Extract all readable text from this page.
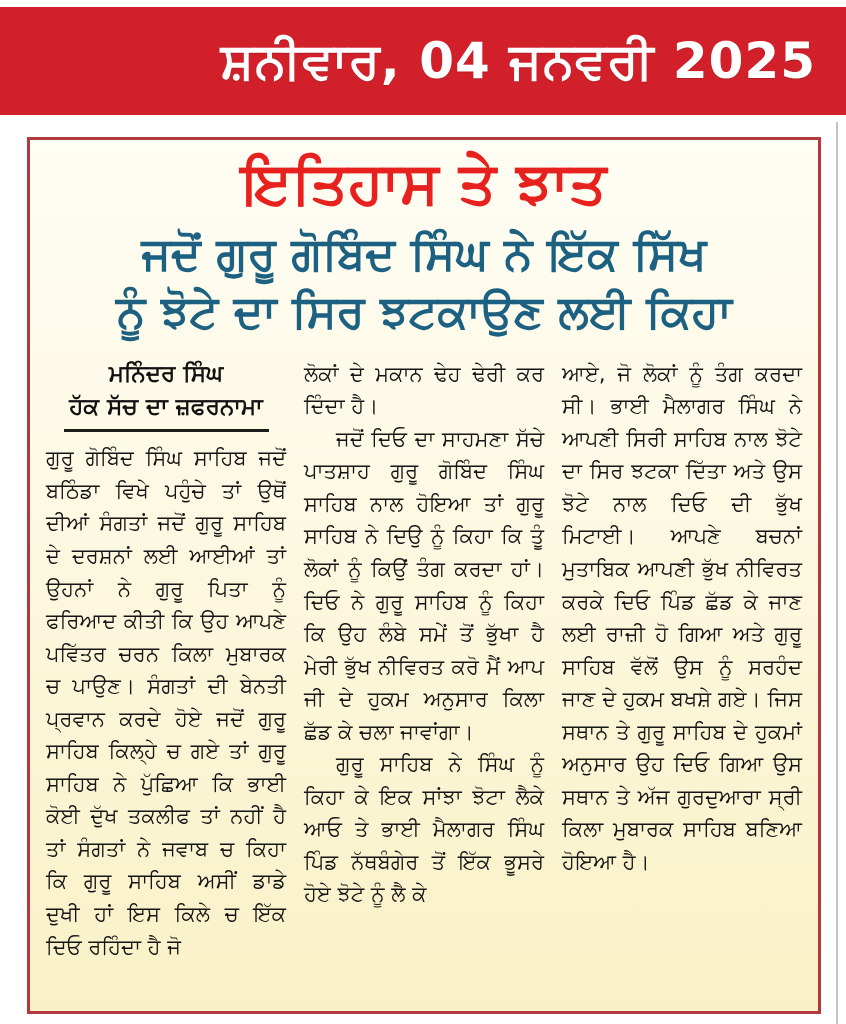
ਸ਼ਨੀਵਾਰ, 04 ਜਨਵਰੀ 2025
ਇਤਿਹਾਸ ਤੇ ਝਾਤ
ਜਦੋਂ ਗੁਰੂ ਗੋਬਿੰਦ ਸਿੰਘ ਨੇ ਇੱਕ ਸਿੱਖ
ਨੂੰ ਝੋਟੇ ਦਾ ਸਿਰ ਝਟਕਾਉਣ ਲਈ ਕਿਹਾ
ਮਨਿੰਦਰ ਸਿੰਘ
ਹੱਕ ਸੱਚ ਦਾ ਜ਼ਫਰਨਾਮਾ

ਗੁਰੂ ਗੋਬਿੰਦ ਸਿੰਘ ਸਾਹਿਬ ਜਦੋਂ ਬਠਿੰਡਾ ਵਿਖੇ ਪਹੁੰਚੇ ਤਾਂ ਉਥੋਂ ਦੀਆਂ ਸੰਗਤਾਂ ਜਦੋਂ ਗੁਰੂ ਸਾਹਿਬ ਦੇ ਦਰਸ਼ਨਾਂ ਲਈ ਆਈਆਂ ਤਾਂ ਉਹਨਾਂ ਨੇ ਗੁਰੂ ਪਿਤਾ ਨੂੰ ਫਰਿਆਦ ਕੀਤੀ ਕਿ ਉਹ ਆਪਣੇ ਪਵਿੱਤਰ ਚਰਨ ਕਿਲਾ ਮੁਬਾਰਕ ਚ ਪਾਉਣ। ਸੰਗਤਾਂ ਦੀ ਬੇਨਤੀ ਪ੍ਰਵਾਨ ਕਰਦੇ ਹੋਏ ਜਦੋਂ ਗੁਰੂ ਸਾਹਿਬ ਕਿਲ੍ਹੇ ਚ ਗਏ ਤਾਂ ਗੁਰੂ ਸਾਹਿਬ ਨੇ ਪੁੱਛਿਆ ਕਿ ਭਾਈ ਕੋਈ ਦੁੱਖ ਤਕਲੀਫ ਤਾਂ ਨਹੀਂ ਹੈ ਤਾਂ ਸੰਗਤਾਂ ਨੇ ਜਵਾਬ ਚ ਕਿਹਾ ਕਿ ਗੁਰੂ ਸਾਹਿਬ ਅਸੀਂ ਡਾਡੇ ਦੁਖੀ ਹਾਂ ਇਸ ਕਿਲੇ ਚ ਇੱਕ ਦਿਓ ਰਹਿੰਦਾ ਹੈ ਜੋ

ਲੋਕਾਂ ਦੇ ਮਕਾਨ ਢੇਹ ਢੇਰੀ ਕਰ ਦਿੰਦਾ ਹੈ।

ਜਦੋਂ ਦਿਓ ਦਾ ਸਾਹਮਣਾ ਸੱਚੇ ਪਾਤਸ਼ਾਹ ਗੁਰੂ ਗੋਬਿੰਦ ਸਿੰਘ ਸਾਹਿਬ ਨਾਲ ਹੋਇਆ ਤਾਂ ਗੁਰੂ ਸਾਹਿਬ ਨੇ ਦਿਉ ਨੂੰ ਕਿਹਾ ਕਿ ਤੂੰ ਲੋਕਾਂ ਨੂੰ ਕਿਉਂ ਤੰਗ ਕਰਦਾ ਹਾਂ। ਦਿਓ ਨੇ ਗੁਰੂ ਸਾਹਿਬ ਨੂੰ ਕਿਹਾ ਕਿ ਉਹ ਲੰਬੇ ਸਮੇਂ ਤੋਂ ਭੁੱਖਾ ਹੈ ਮੇਰੀ ਭੁੱਖ ਨੀਵਿਰਤ ਕਰੋ ਮੈਂ ਆਪ ਜੀ ਦੇ ਹੁਕਮ ਅਨੁਸਾਰ ਕਿਲਾ ਛੱਡ ਕੇ ਚਲਾ ਜਾਵਾਂਗਾ।

ਗੁਰੂ ਸਾਹਿਬ ਨੇ ਸਿੰਘ ਨੂੰ ਕਿਹਾ ਕੇ ਇਕ ਸਾਂਝਾ ਝੋਟਾ ਲੈਕੇ ਆਓ ਤੇ ਭਾਈ ਮੈਲਾਗਰ ਸਿੰਘ ਪਿੰਡ ਨੱਥਬੰਗੇਰ ਤੋਂ ਇੱਕ ਭੂਸਰੇ ਹੋਏ ਝੋਟੇ ਨੂੰ ਲੈ ਕੇ

ਆਏ, ਜੋ ਲੋਕਾਂ ਨੂੰ ਤੰਗ ਕਰਦਾ ਸੀ। ਭਾਈ ਮੈਲਾਗਰ ਸਿੰਘ ਨੇ ਆਪਣੀ ਸਿਰੀ ਸਾਹਿਬ ਨਾਲ ਝੋਟੇ ਦਾ ਸਿਰ ਝਟਕਾ ਦਿੱਤਾ ਅਤੇ ਉਸ ਝੋਟੇ ਨਾਲ ਦਿਓ ਦੀ ਭੁੱਖ ਮਿਟਾਈ। ਆਪਣੇ ਬਚਨਾਂ ਮੁਤਾਬਿਕ ਆਪਣੀ ਭੁੱਖ ਨੀਵਿਰਤ ਕਰਕੇ ਦਿਓ ਪਿੰਡ ਛੱਡ ਕੇ ਜਾਣ ਲਈ ਰਾਜ਼ੀ ਹੋ ਗਿਆ ਅਤੇ ਗੁਰੂ ਸਾਹਿਬ ਵੱਲੋਂ ਉਸ ਨੂੰ ਸਰਹੰਦ ਜਾਣ ਦੇ ਹੁਕਮ ਬਖਸ਼ੇ ਗਏ। ਜਿਸ ਸਥਾਨ ਤੇ ਗੁਰੂ ਸਾਹਿਬ ਦੇ ਹੁਕਮਾਂ ਅਨੁਸਾਰ ਉਹ ਦਿਓ ਗਿਆ ਉਸ ਸਥਾਨ ਤੇ ਅੱਜ ਗੁਰਦੁਆਰਾ ਸ੍ਰੀ ਕਿਲਾ ਮੁਬਾਰਕ ਸਾਹਿਬ ਬਣਿਆ ਹੋਇਆ ਹੈ।
